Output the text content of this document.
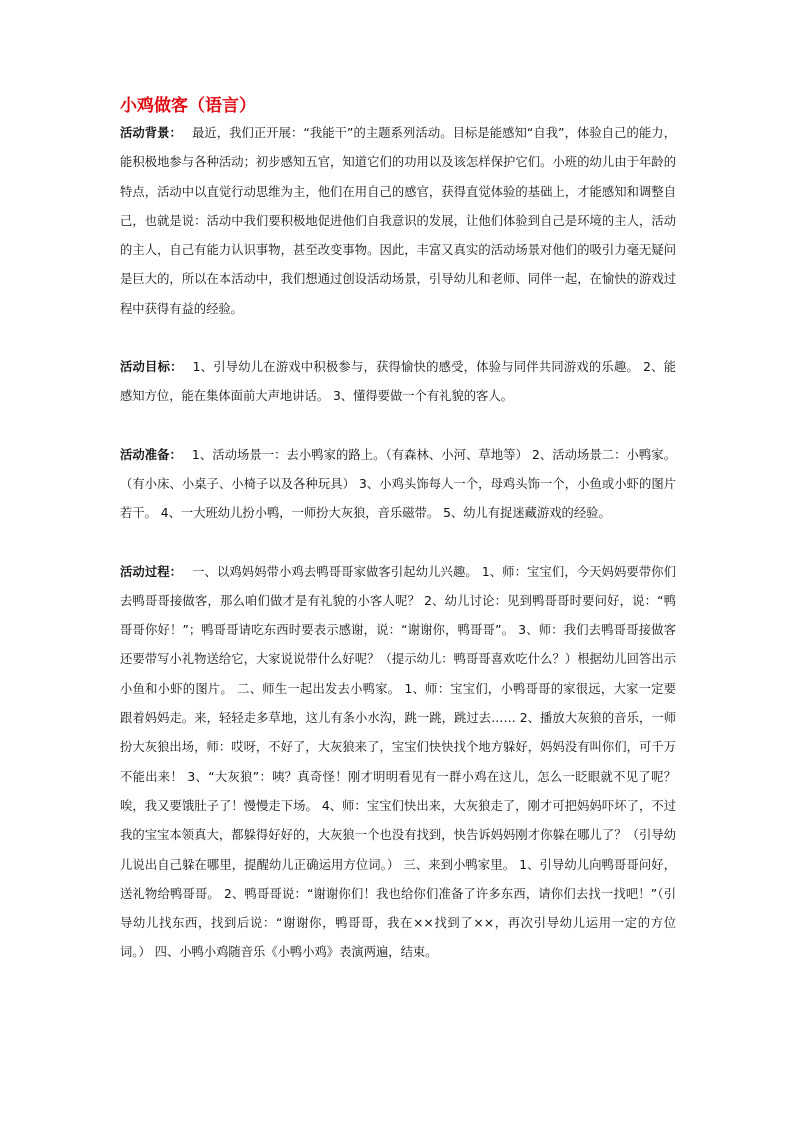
小鸡做客（语言）

活动背景： 最近，我们正开展：“我能干”的主题系列活动。目标是能感知“自我”，体验自己的能力，能积极地参与各种活动；初步感知五官，知道它们的功用以及该怎样保护它们。小班的幼儿由于年龄的特点，活动中以直觉行动思维为主，他们在用自己的感官，获得直觉体验的基础上，才能感知和调整自己，也就是说：活动中我们要积极地促进他们自我意识的发展，让他们体验到自己是环境的主人，活动的主人，自己有能力认识事物，甚至改变事物。因此，丰富又真实的活动场景对他们的吸引力毫无疑问是巨大的，所以在本活动中，我们想通过创设活动场景，引导幼儿和老师、同伴一起，在愉快的游戏过程中获得有益的经验。

活动目标： 1、引导幼儿在游戏中积极参与，获得愉快的感受，体验与同伴共同游戏的乐趣。 2、能感知方位，能在集体面前大声地讲话。 3、懂得要做一个有礼貌的客人。

活动准备： 1、活动场景一：去小鸭家的路上。（有森林、小河、草地等） 2、活动场景二：小鸭家。（有小床、小桌子、小椅子以及各种玩具） 3、小鸡头饰每人一个，母鸡头饰一个，小鱼或小虾的图片若干。 4、一大班幼儿扮小鸭，一师扮大灰狼，音乐磁带。 5、幼儿有捉迷藏游戏的经验。

活动过程： 一、以鸡妈妈带小鸡去鸭哥哥家做客引起幼儿兴趣。 1、师：宝宝们，今天妈妈要带你们去鸭哥哥接做客，那么咱们做才是有礼貌的小客人呢？ 2、幼儿讨论：见到鸭哥哥时要问好，说：“鸭哥哥你好！”；鸭哥哥请吃东西时要表示感谢，说：“谢谢你，鸭哥哥”。 3、师：我们去鸭哥哥接做客还要带写小礼物送给它，大家说说带什么好呢？（提示幼儿：鸭哥哥喜欢吃什么？）根据幼儿回答出示小鱼和小虾的图片。 二、师生一起出发去小鸭家。 1、师：宝宝们，小鸭哥哥的家很远，大家一定要跟着妈妈走。来，轻轻走多草地，这儿有条小水沟，跳一跳，跳过去…… 2、播放大灰狼的音乐，一师扮大灰狼出场，师：哎呀，不好了，大灰狼来了，宝宝们快快找个地方躲好，妈妈没有叫你们，可千万不能出来！ 3、“大灰狼”：咦？真奇怪！刚才明明看见有一群小鸡在这儿，怎么一眨眼就不见了呢？唉，我又要饿肚子了！慢慢走下场。 4、师：宝宝们快出来，大灰狼走了，刚才可把妈妈吓坏了，不过我的宝宝本领真大，都躲得好好的，大灰狼一个也没有找到，快告诉妈妈刚才你躲在哪儿了？（引导幼儿说出自己躲在哪里，提醒幼儿正确运用方位词。） 三、来到小鸭家里。 1、引导幼儿向鸭哥哥问好，送礼物给鸭哥哥。 2、鸭哥哥说：“谢谢你们！我也给你们准备了许多东西，请你们去找一找吧！”（引导幼儿找东西，找到后说：“谢谢你，鸭哥哥，我在××找到了××，再次引导幼儿运用一定的方位词。） 四、小鸭小鸡随音乐《小鸭小鸡》表演两遍，结束。
